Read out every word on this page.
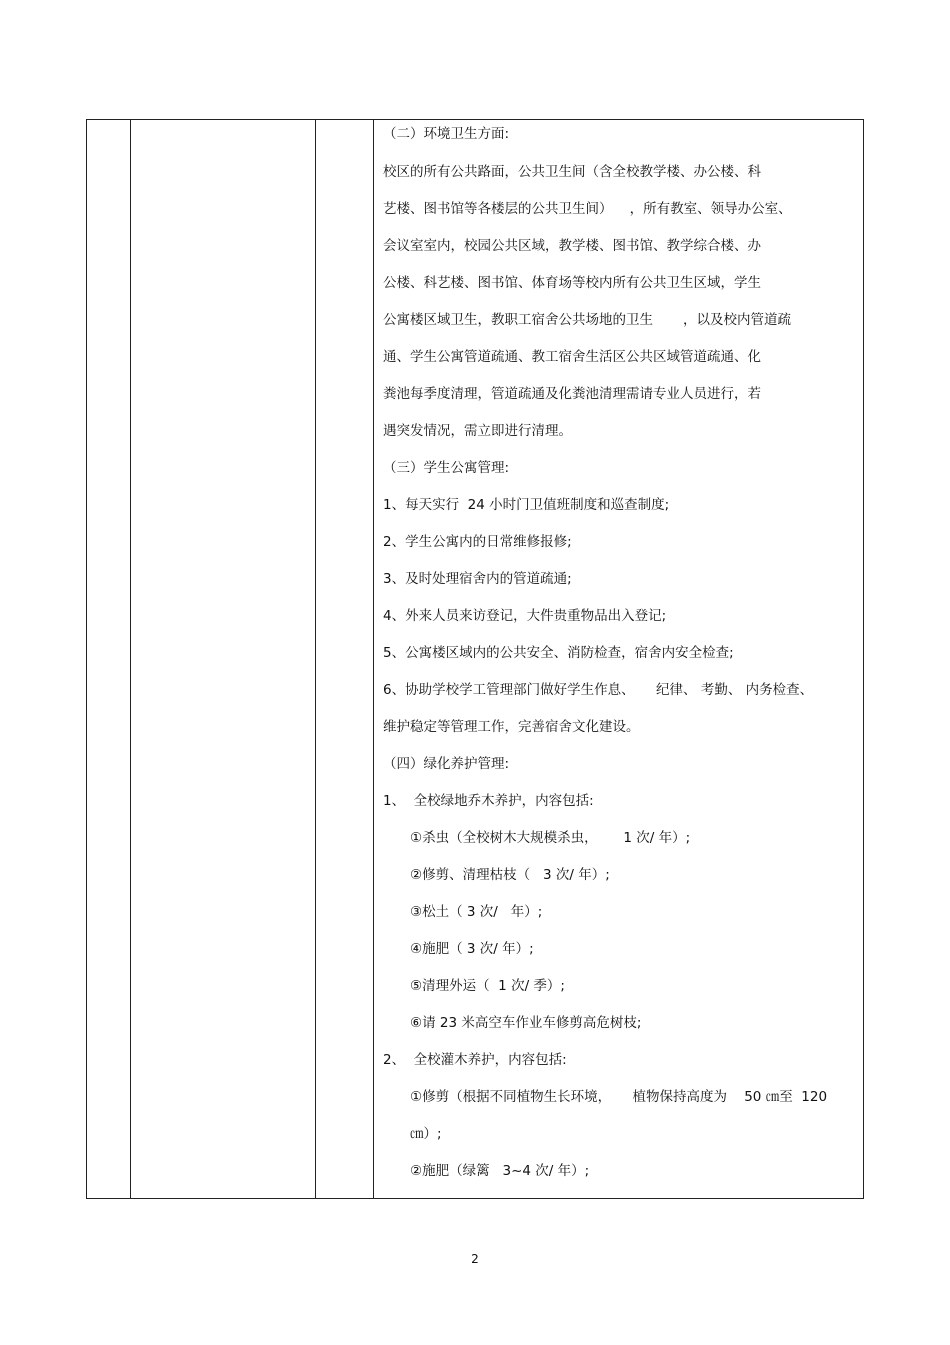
（二）环境卫生方面:
校区的所有公共路面，公共卫生间（含全校教学楼、办公楼、科
艺楼、图书馆等各楼层的公共卫生间）    ，所有教室、领导办公室、
会议室室内，校园公共区域，教学楼、图书馆、教学综合楼、办
公楼、科艺楼、图书馆、体育场等校内所有公共卫生区域，学生
公寓楼区域卫生，教职工宿舍公共场地的卫生       ，以及校内管道疏
通、学生公寓管道疏通、教工宿舍生活区公共区域管道疏通、化
粪池每季度清理，管道疏通及化粪池清理需请专业人员进行，若
遇突发情况，需立即进行清理。
（三）学生公寓管理:
1、每天实行  24 小时门卫值班制度和巡查制度;
2、学生公寓内的日常维修报修;
3、及时处理宿舍内的管道疏通;
4、外来人员来访登记，大件贵重物品出入登记;
5、公寓楼区域内的公共安全、消防检查，宿舍内安全检查;
6、协助学校学工管理部门做好学生作息、     纪律、 考勤、 内务检查、
维护稳定等管理工作，完善宿舍文化建设。
（四）绿化养护管理:
1、  全校绿地乔木养护，内容包括:
①杀虫（全校树木大规模杀虫，      1 次/ 年）;
②修剪、清理枯枝（   3 次/ 年）;
③松土（ 3 次/   年）;
④施肥（ 3 次/ 年）;
⑤清理外运（  1 次/ 季）;
⑥请 23 米高空车作业车修剪高危树枝;
2、  全校灌木养护，内容包括:
①修剪（根据不同植物生长环境，     植物保持高度为    50 ㎝至  120
㎝）;
②施肥（绿篱   3~4 次/ 年）;
2
